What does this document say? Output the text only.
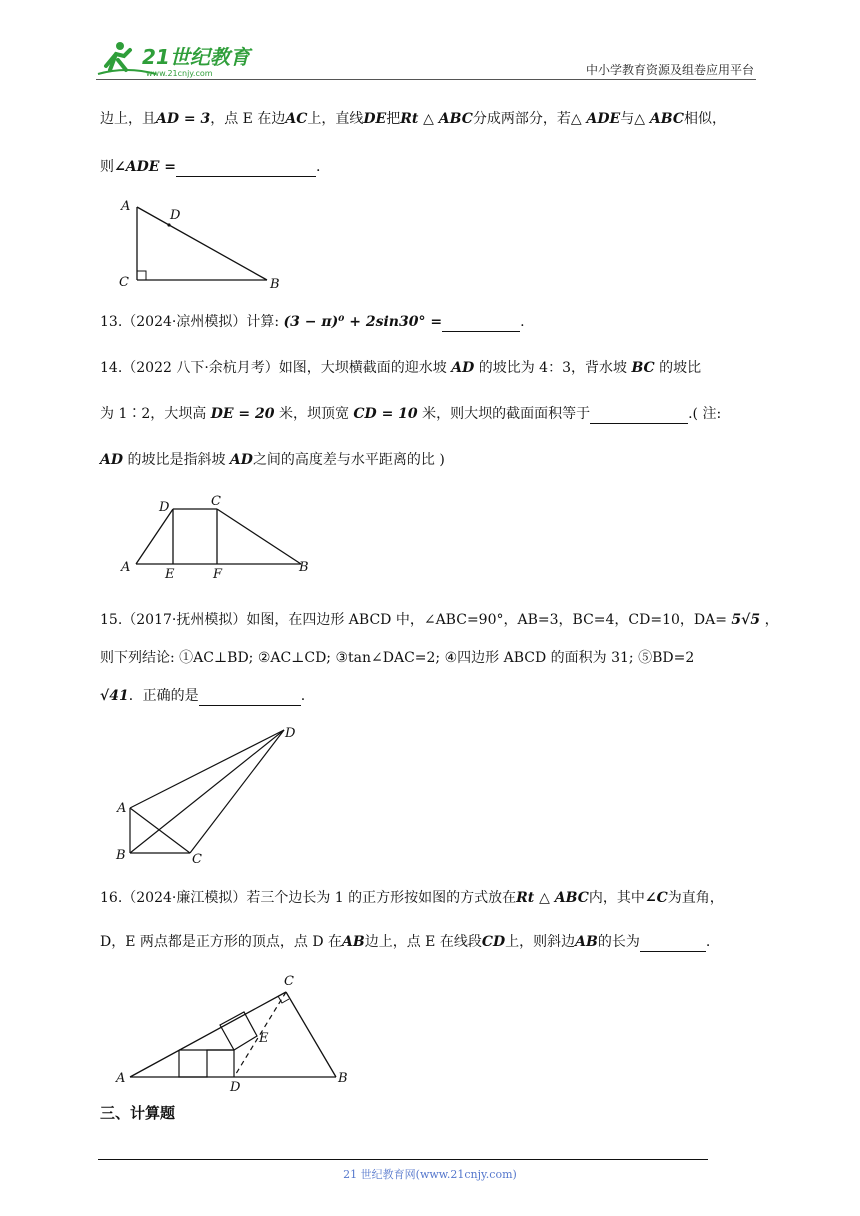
21世纪教育
www.21cnjy.com	中小学教育资源及组卷应用平台
边上，且AD = 3，点 E 在边AC上，直线DE把Rt △ ABC分成两部分，若△ ADE与△ ABC相似，
则∠ADE =	.
A
D
C	B
13.（2024·凉州模拟）计算: (3 − π)⁰ + 2sin30° =	.
14.（2022 八下·余杭月考）如图，大坝横截面的迎水坡 AD 的坡比为 4：3，背水坡 BC 的坡比
为 1∶2，大坝高 DE = 20 米，坝顶宽 CD = 10 米，则大坝的截面面积等于	.( 注:
AD 的坡比是指斜坡 AD之间的高度差与水平距离的比 )
D	C
A	E	F	B
15.（2017·抚州模拟）如图，在四边形 ABCD 中，∠ABC=90°，AB=3，BC=4，CD=10，DA= 5√5 ，
则下列结论: ①AC⊥BD; ②AC⊥CD; ③tan∠DAC=2; ④四边形 ABCD 的面积为 31; ⑤BD=2
√41．正确的是	.
D
A
B	C
16.（2024·廉江模拟）若三个边长为 1 的正方形按如图的方式放在Rt △ ABC内，其中∠C为直角，
D，E 两点都是正方形的顶点，点 D 在AB边上，点 E 在线段CD上，则斜边AB的长为	.
C
E
A
D
B
三、计算题
21 世纪教育网(www.21cnjy.com)
